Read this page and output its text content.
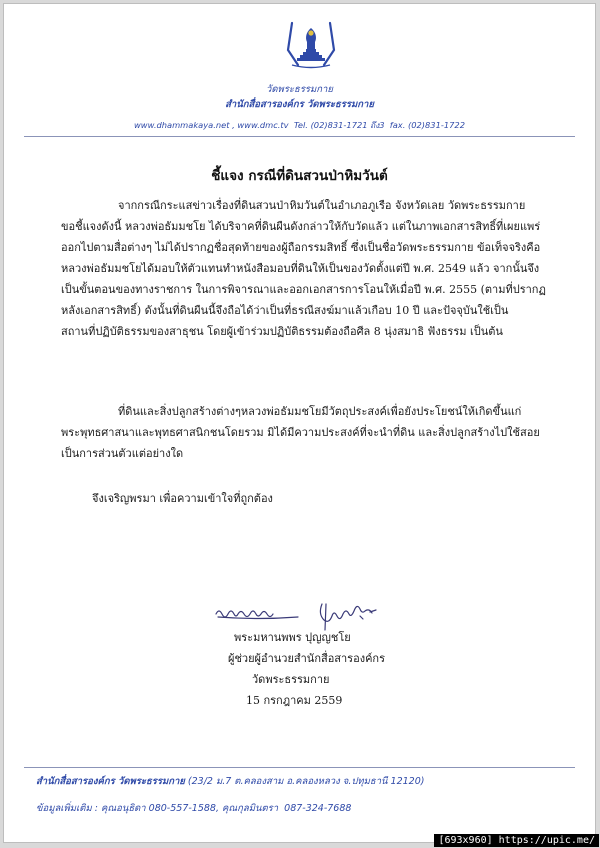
วัดพระธรรมกาย
สำนักสื่อสารองค์กร วัดพระธรรมกาย
www.dhammakaya.net , www.dmc.tv  Tel. (02)831-1721 ถึง3  fax. (02)831-1722
ชี้แจง กรณีที่ดินสวนป่าหิมวันต์
จากกรณีกระแสข่าวเรื่องที่ดินสวนป่าหิมวันต์ในอำเภอภูเรือ จังหวัดเลย วัดพระธรรมกาย
ขอชี้แจงดังนี้ หลวงพ่อธัมมชโย ได้บริจาคที่ดินผืนดังกล่าวให้กับวัดแล้ว แต่ในภาพเอกสารสิทธิ์ที่เผยแพร่
ออกไปตามสื่อต่างๆ ไม่ได้ปรากฏชื่อสุดท้ายของผู้ถือกรรมสิทธิ์ ซึ่งเป็นชื่อวัดพระธรรมกาย ข้อเท็จจริงคือ
หลวงพ่อธัมมชโยได้มอบให้ตัวแทนทำหนังสือมอบที่ดินให้เป็นของวัดตั้งแต่ปี พ.ศ. 2549 แล้ว จากนั้นจึง
เป็นขั้นตอนของทางราชการ ในการพิจารณาและออกเอกสารการโอนให้เมื่อปี พ.ศ. 2555 (ตามที่ปรากฏ
หลังเอกสารสิทธิ์) ดังนั้นที่ดินผืนนี้จึงถือได้ว่าเป็นที่ธรณีสงฆ์มาแล้วเกือบ 10 ปี และปัจจุบันใช้เป็น
สถานที่ปฏิบัติธรรมของสาธุชน โดยผู้เข้าร่วมปฏิบัติธรรมต้องถือศีล 8 นุ่งสมาธิ ฟังธรรม เป็นต้น
ที่ดินและสิ่งปลูกสร้างต่างๆหลวงพ่อธัมมชโยมีวัตถุประสงค์เพื่อยังประโยชน์ให้เกิดขึ้นแก่
พระพุทธศาสนาและพุทธศาสนิกชนโดยรวม มิได้มีความประสงค์ที่จะนำที่ดิน และสิ่งปลูกสร้างไปใช้สอย
เป็นการส่วนตัวแต่อย่างใด
จึงเจริญพรมา เพื่อความเข้าใจที่ถูกต้อง
พระมหานพพร ปุญญชโย
ผู้ช่วยผู้อำนวยสำนักสื่อสารองค์กร
วัดพระธรรมกาย
15 กรกฎาคม 2559
สำนักสื่อสารองค์กร วัดพระธรรมกาย (23/2 ม.7 ต.คลองสาม อ.คลองหลวง จ.ปทุมธานี 12120)
ข้อมูลเพิ่มเติม : คุณอนุธิดา 080-557-1588, คุณกุลมินตรา  087-324-7688
[693x960] https://upic.me/
